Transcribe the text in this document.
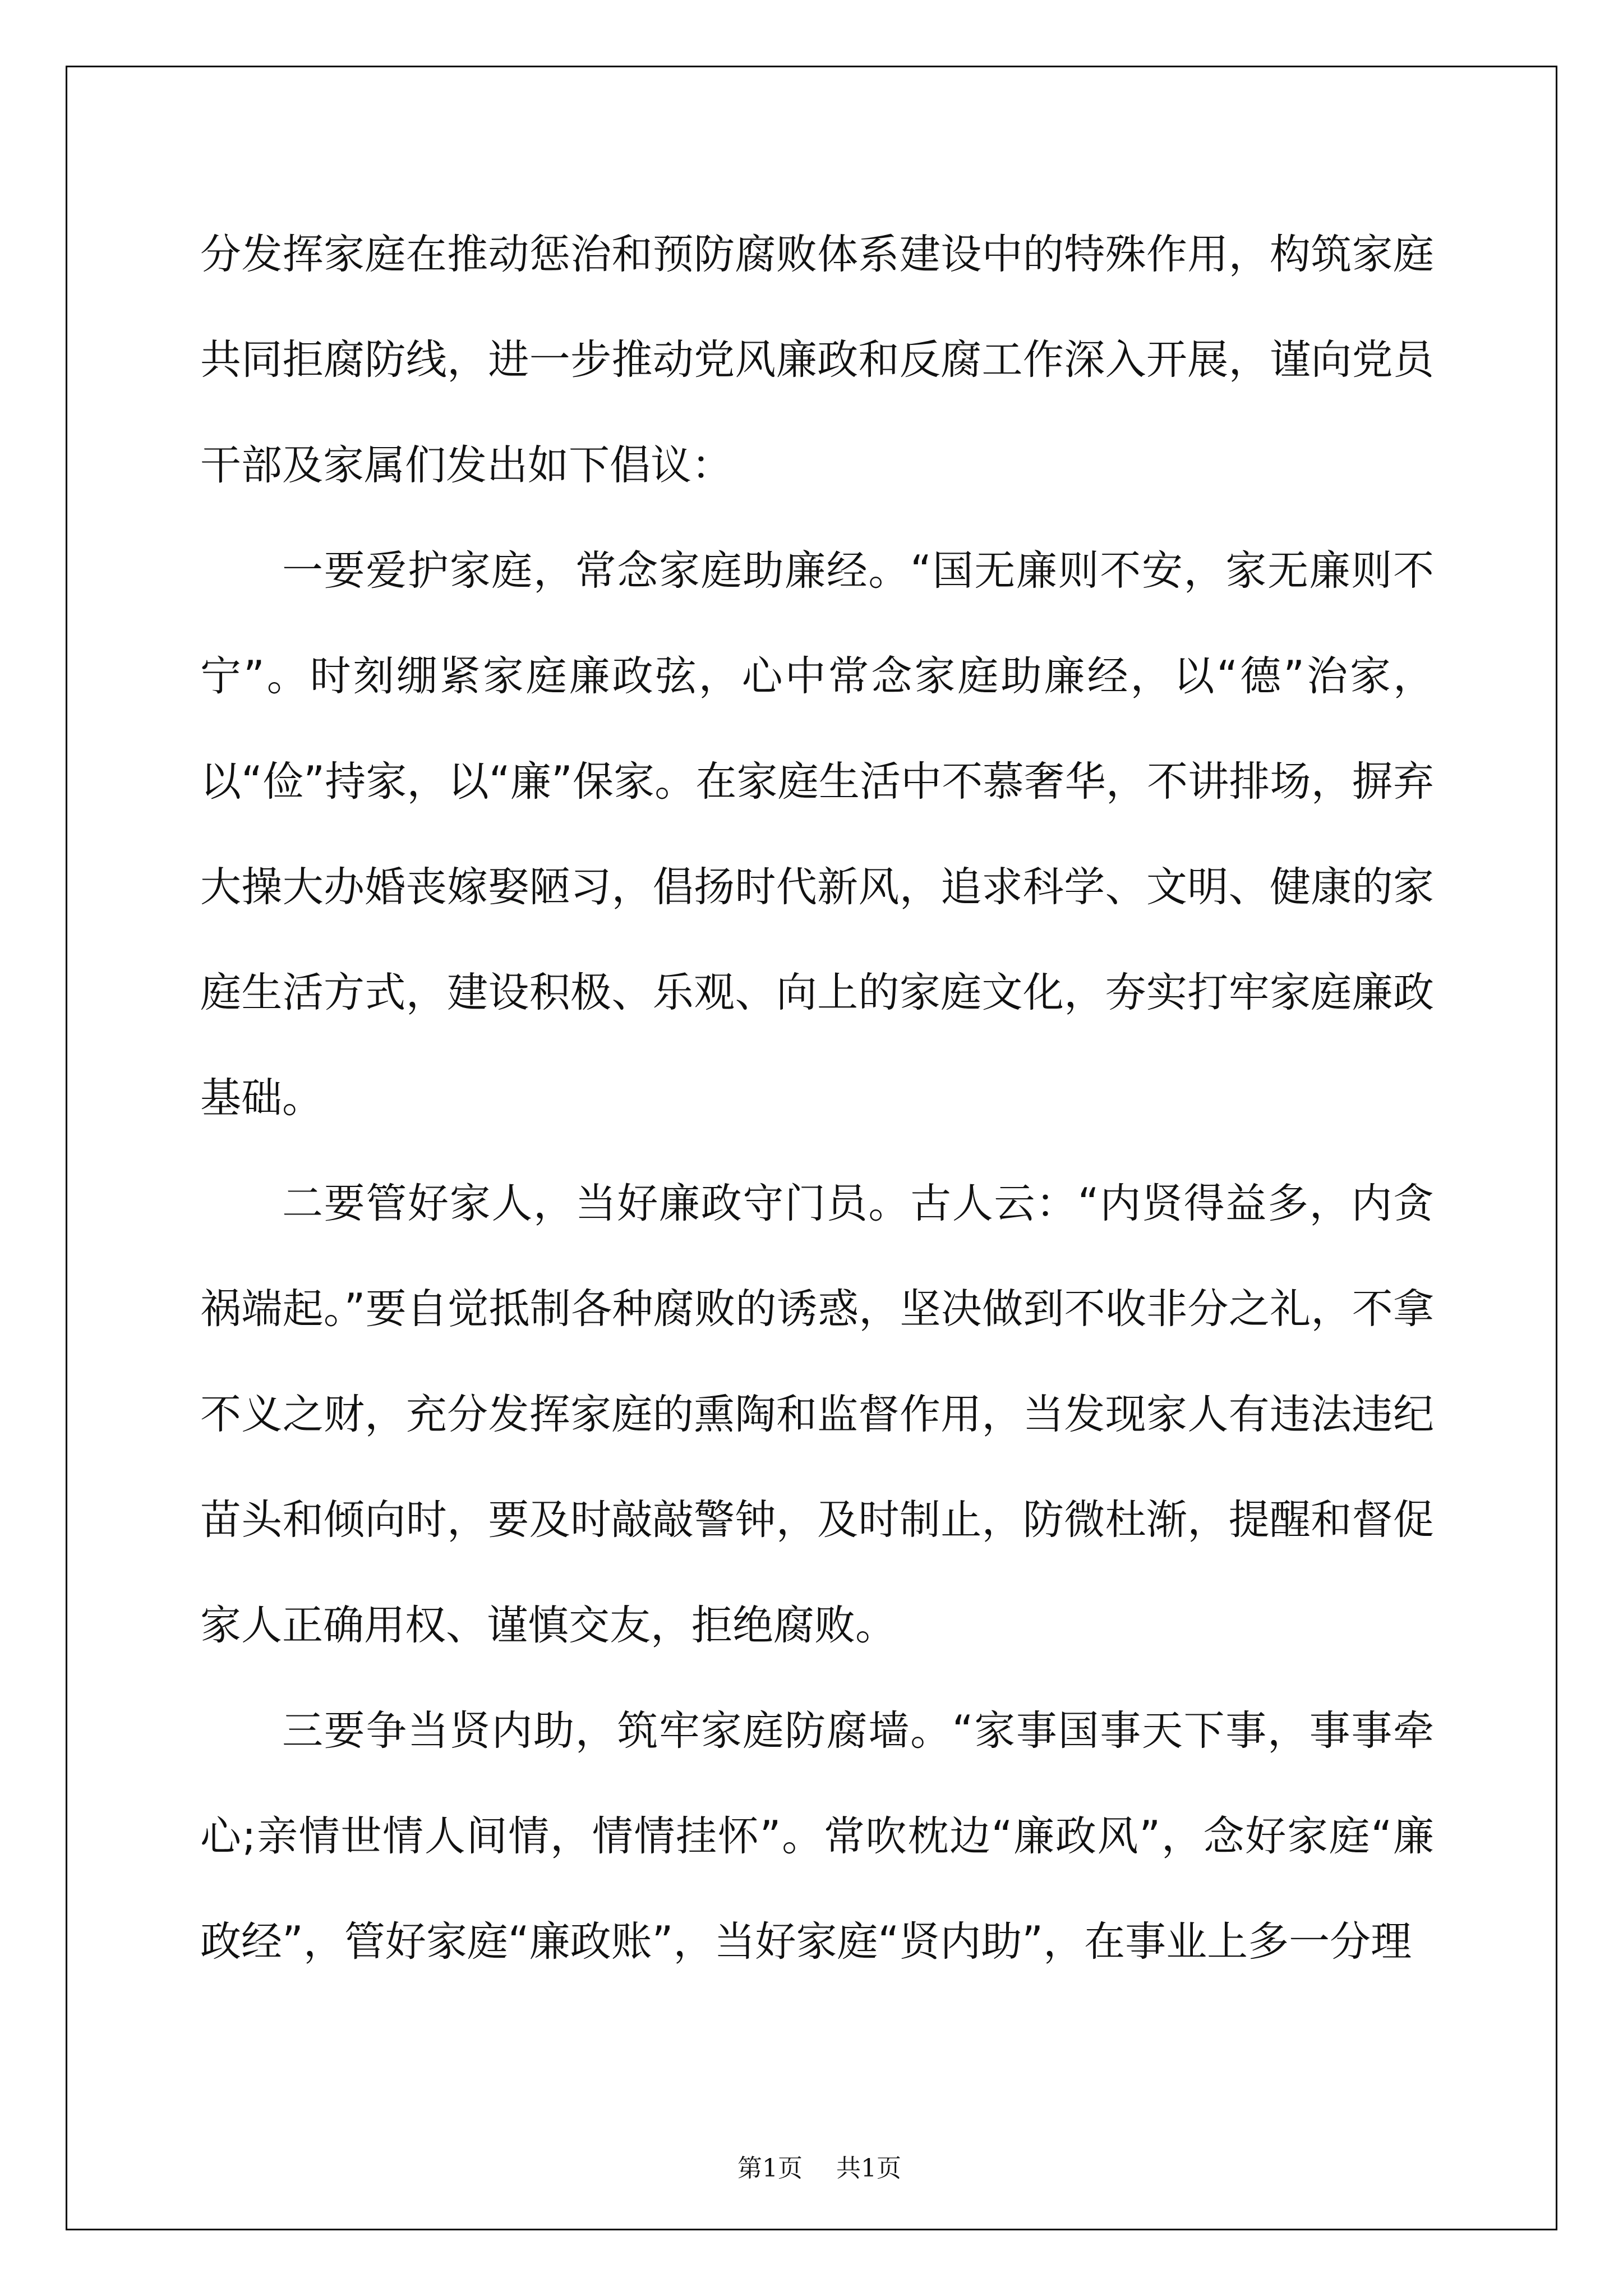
分发挥家庭在推动惩治和预防腐败体系建设中的特殊作用，构筑家庭共同拒腐防线，进一步推动党风廉政和反腐工作深入开展，谨向党员干部及家属们发出如下倡议：

一要爱护家庭，常念家庭助廉经。“国无廉则不安，家无廉则不宁”。时刻绷紧家庭廉政弦，心中常念家庭助廉经，以“德”治家，以“俭”持家，以“廉”保家。在家庭生活中不慕奢华，不讲排场，摒弃大操大办婚丧嫁娶陋习，倡扬时代新风，追求科学、文明、健康的家庭生活方式，建设积极、乐观、向上的家庭文化，夯实打牢家庭廉政基础。

二要管好家人，当好廉政守门员。古人云：“内贤得益多，内贪祸端起。”要自觉抵制各种腐败的诱惑，坚决做到不收非分之礼，不拿不义之财，充分发挥家庭的熏陶和监督作用，当发现家人有违法违纪苗头和倾向时，要及时敲敲警钟，及时制止，防微杜渐，提醒和督促家人正确用权、谨慎交友，拒绝腐败。

三要争当贤内助，筑牢家庭防腐墙。“家事国事天下事，事事牵心;亲情世情人间情，情情挂怀”。常吹枕边“廉政风”，念好家庭“廉政经”，管好家庭“廉政账”，当好家庭“贤内助”，在事业上多一分理

第1页 共1页
